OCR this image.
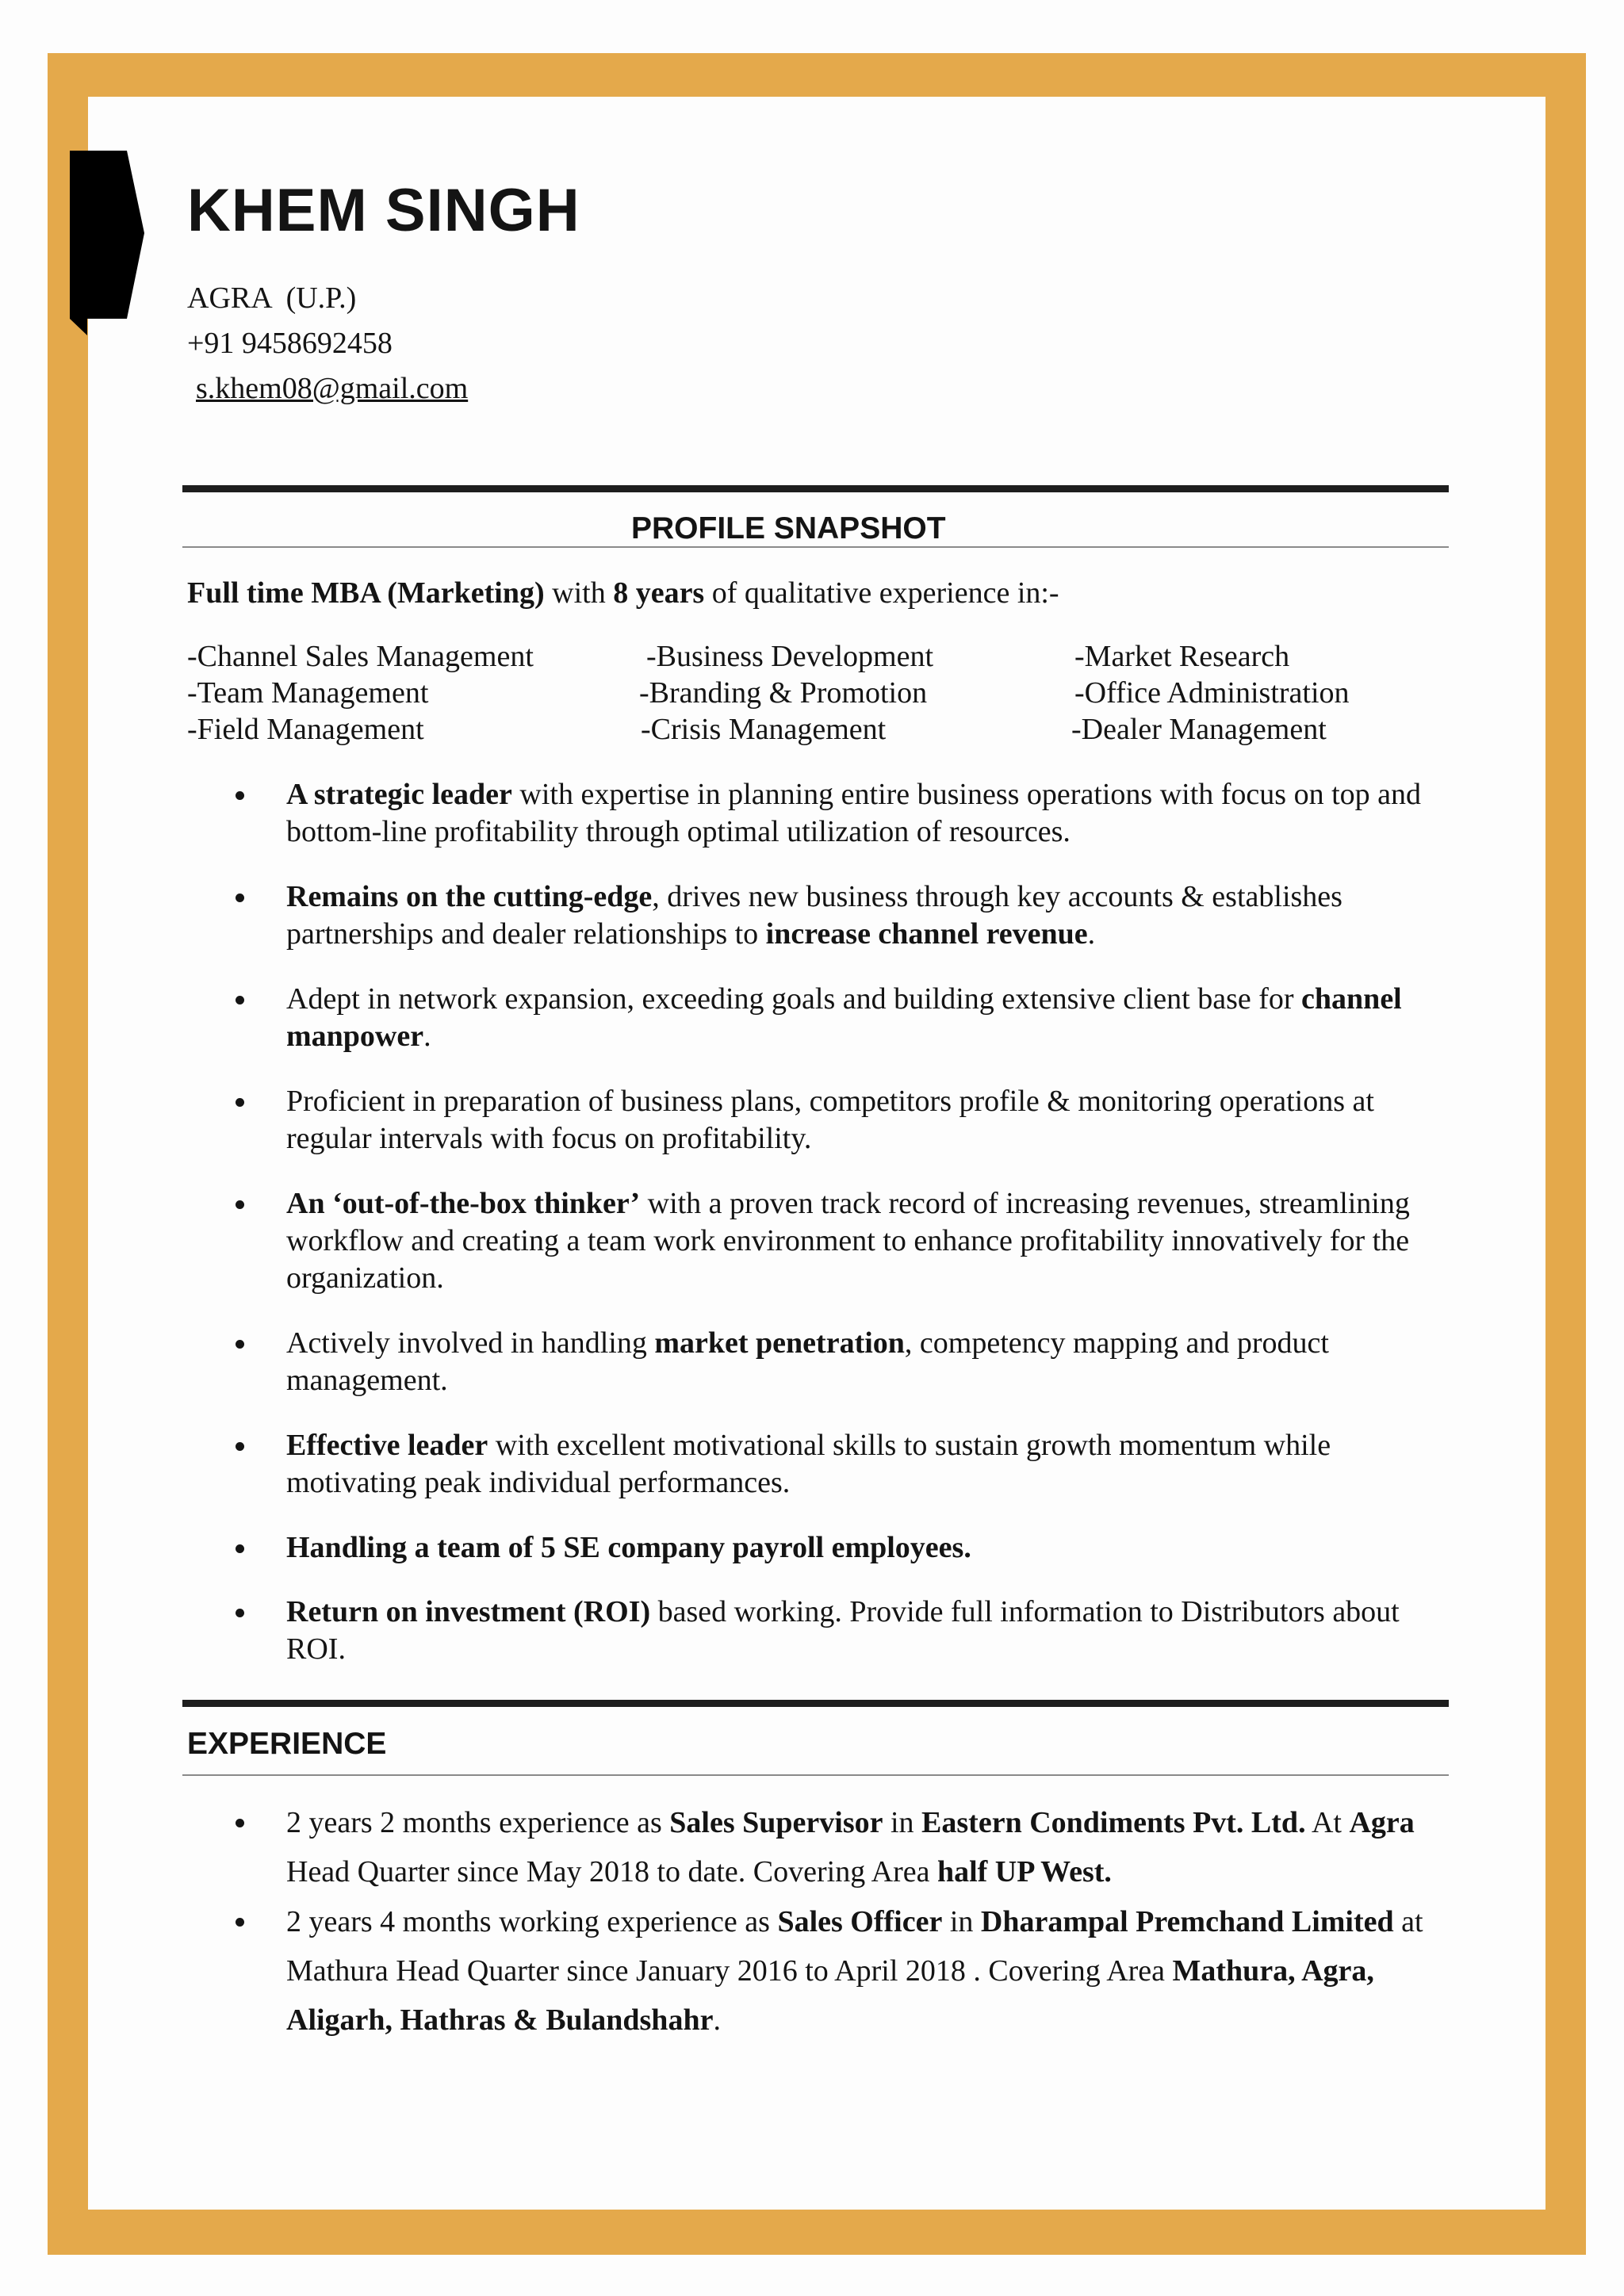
KHEM SINGH
AGRA  (U.P.)
+91 9458692458
s.khem08@gmail.com
PROFILE SNAPSHOT
Full time MBA (Marketing) with 8 years of qualitative experience in:-
-Channel Sales Management	-Business Development	-Market Research
-Team Management	-Branding & Promotion	-Office Administration
-Field Management	-Crisis Management	-Dealer Management
A strategic leader with expertise in planning entire business operations with focus on top and bottom-line profitability through optimal utilization of resources.
Remains on the cutting-edge, drives new business through key accounts & establishes partnerships and dealer relationships to increase channel revenue.
Adept in network expansion, exceeding goals and building extensive client base for channel manpower.
Proficient in preparation of business plans, competitors profile & monitoring operations at regular intervals with focus on profitability.
An ‘out-of-the-box thinker’ with a proven track record of increasing revenues, streamlining workflow and creating a team work environment to enhance profitability innovatively for the organization.
Actively involved in handling market penetration, competency mapping and product management.
Effective leader with excellent motivational skills to sustain growth momentum while motivating peak individual performances.
Handling a team of 5 SE company payroll employees.
Return on investment (ROI) based working. Provide full information to Distributors about ROI.
EXPERIENCE
2 years 2 months experience as Sales Supervisor in Eastern Condiments Pvt. Ltd. At Agra Head Quarter since May 2018 to date. Covering Area half UP West.
2 years 4 months working experience as Sales Officer in Dharampal Premchand Limited at Mathura Head Quarter since January 2016 to April 2018 . Covering Area Mathura, Agra, Aligarh, Hathras & Bulandshahr.
